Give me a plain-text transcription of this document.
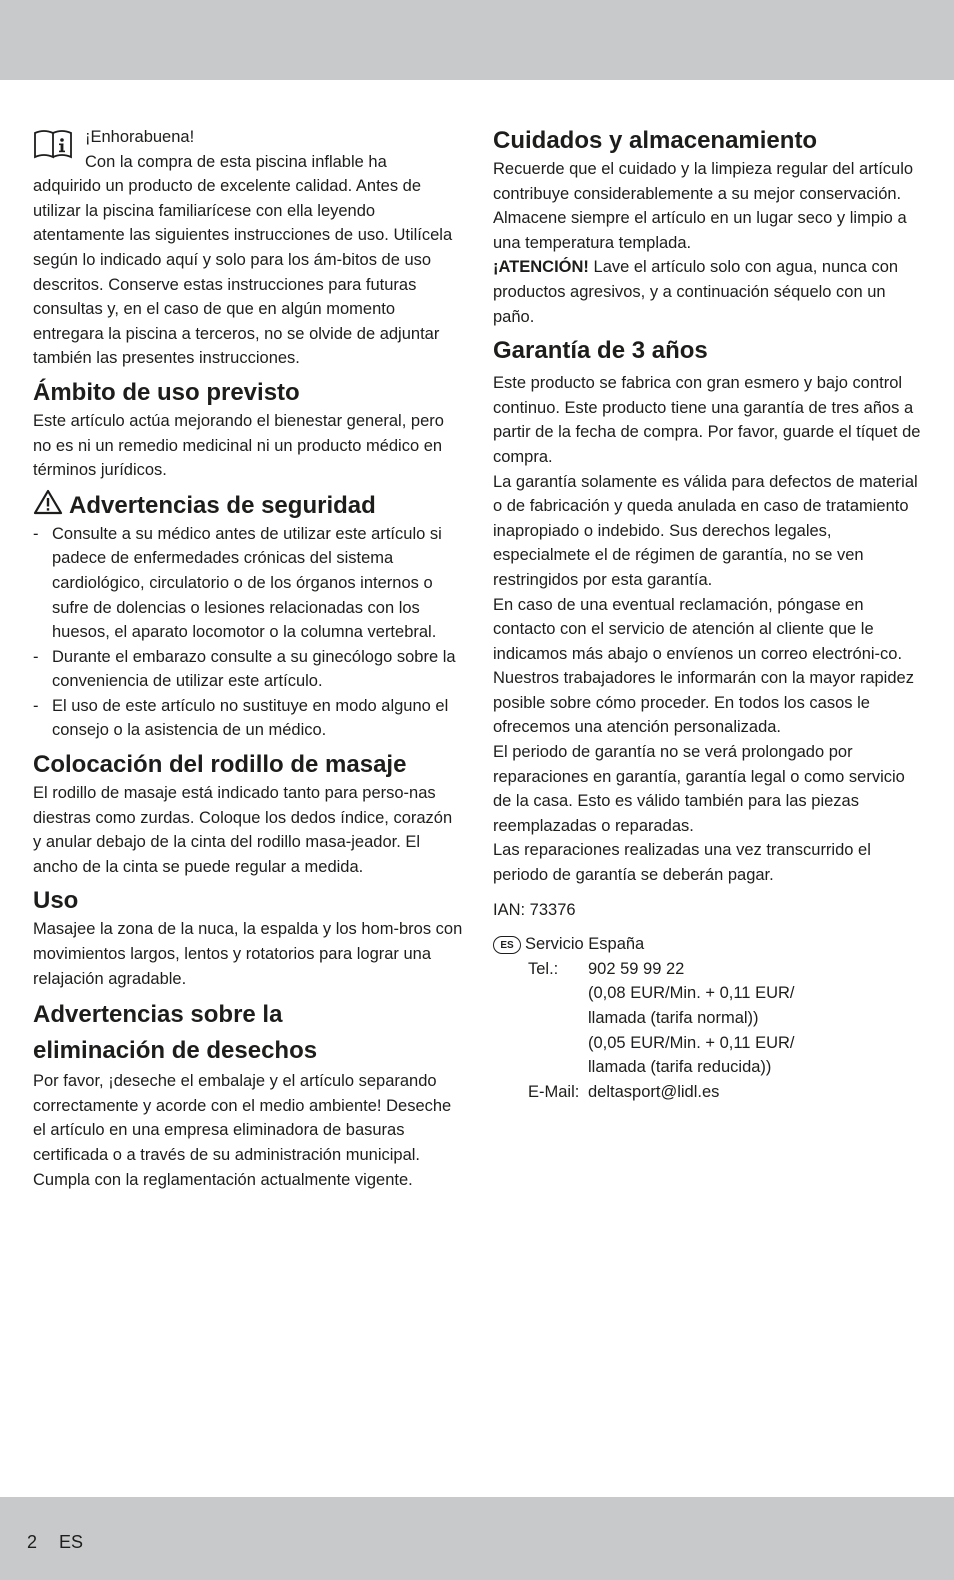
¡Enhorabuena!

Con la compra de esta piscina inflable ha

adquirido un producto de excelente calidad. Antes de utilizar la piscina familiarícese con ella leyendo atentamente las siguientes instrucciones de uso. Utilícela según lo indicado aquí y solo para los ám-bitos de uso descritos. Conserve estas instrucciones para futuras consultas y, en el caso de que en algún momento entregara la piscina a terceros, no se olvide de adjuntar también las presentes instrucciones.

Ámbito de uso previsto

Este artículo actúa mejorando el bienestar general, pero no es ni un remedio medicinal ni un producto médico en términos jurídicos.

Advertencias de seguridad
- Consulte a su médico antes de utilizar este artículo si padece de enfermedades crónicas del sistema cardiológico, circulatorio o de los órganos internos o sufre de dolencias o lesiones relacionadas con los huesos, el aparato locomotor o la columna vertebral.
- Durante el embarazo consulte a su ginecólogo sobre la conveniencia de utilizar este artículo.
- El uso de este artículo no sustituye en modo alguno el consejo o la asistencia de un médico.
Colocación del rodillo de masaje

El rodillo de masaje está indicado tanto para perso-nas diestras como zurdas. Coloque los dedos índice, corazón y anular debajo de la cinta del rodillo masa-jeador. El ancho de la cinta se puede regular a medida.

Uso

Masajee la zona de la nuca, la espalda y los hom-bros con movimientos largos, lentos y rotatorios para lograr una relajación agradable.

Advertencias sobre la
eliminación de desechos

Por favor, ¡deseche el embalaje y el artículo separando correctamente y acorde con el medio ambiente! Deseche el artículo en una empresa eliminadora de basuras certificada o a través de su administración municipal. Cumpla con la reglamentación actualmente vigente.

Cuidados y almacenamiento

Recuerde que el cuidado y la limpieza regular del artículo contribuye considerablemente a su mejor conservación. Almacene siempre el artículo en un lugar seco y limpio a una temperatura templada.

¡ATENCIÓN! Lave el artículo solo con agua, nunca con productos agresivos, y a continuación séquelo con un paño.

Garantía de 3 años

Este producto se fabrica con gran esmero y bajo control continuo. Este producto tiene una garantía de tres años a partir de la fecha de compra. Por favor, guarde el tíquet de compra.

La garantía solamente es válida para defectos de material o de fabricación y queda anulada en caso de tratamiento inapropiado o indebido. Sus derechos legales, especialmete el de régimen de garantía, no se ven restringidos por esta garantía.

En caso de una eventual reclamación, póngase en contacto con el servicio de atención al cliente que le indicamos más abajo o envíenos un correo electróni-co. Nuestros trabajadores le informarán con la mayor rapidez posible sobre cómo proceder. En todos los casos le ofrecemos una atención personalizada.

El periodo de garantía no se verá prolongado por reparaciones en garantía, garantía legal o como servicio de la casa. Esto es válido también para las piezas reemplazadas o reparadas.

Las reparaciones realizadas una vez transcurrido el periodo de garantía se deberán pagar.

IAN: 73376

ES Servicio España

Tel.:	902 59 99 22
(0,08 EUR/Min. + 0,11 EUR/
llamada (tarifa normal))
(0,05 EUR/Min. + 0,11 EUR/
llamada (tarifa reducida))
E-Mail: deltasport@lidl.es
2 ES
